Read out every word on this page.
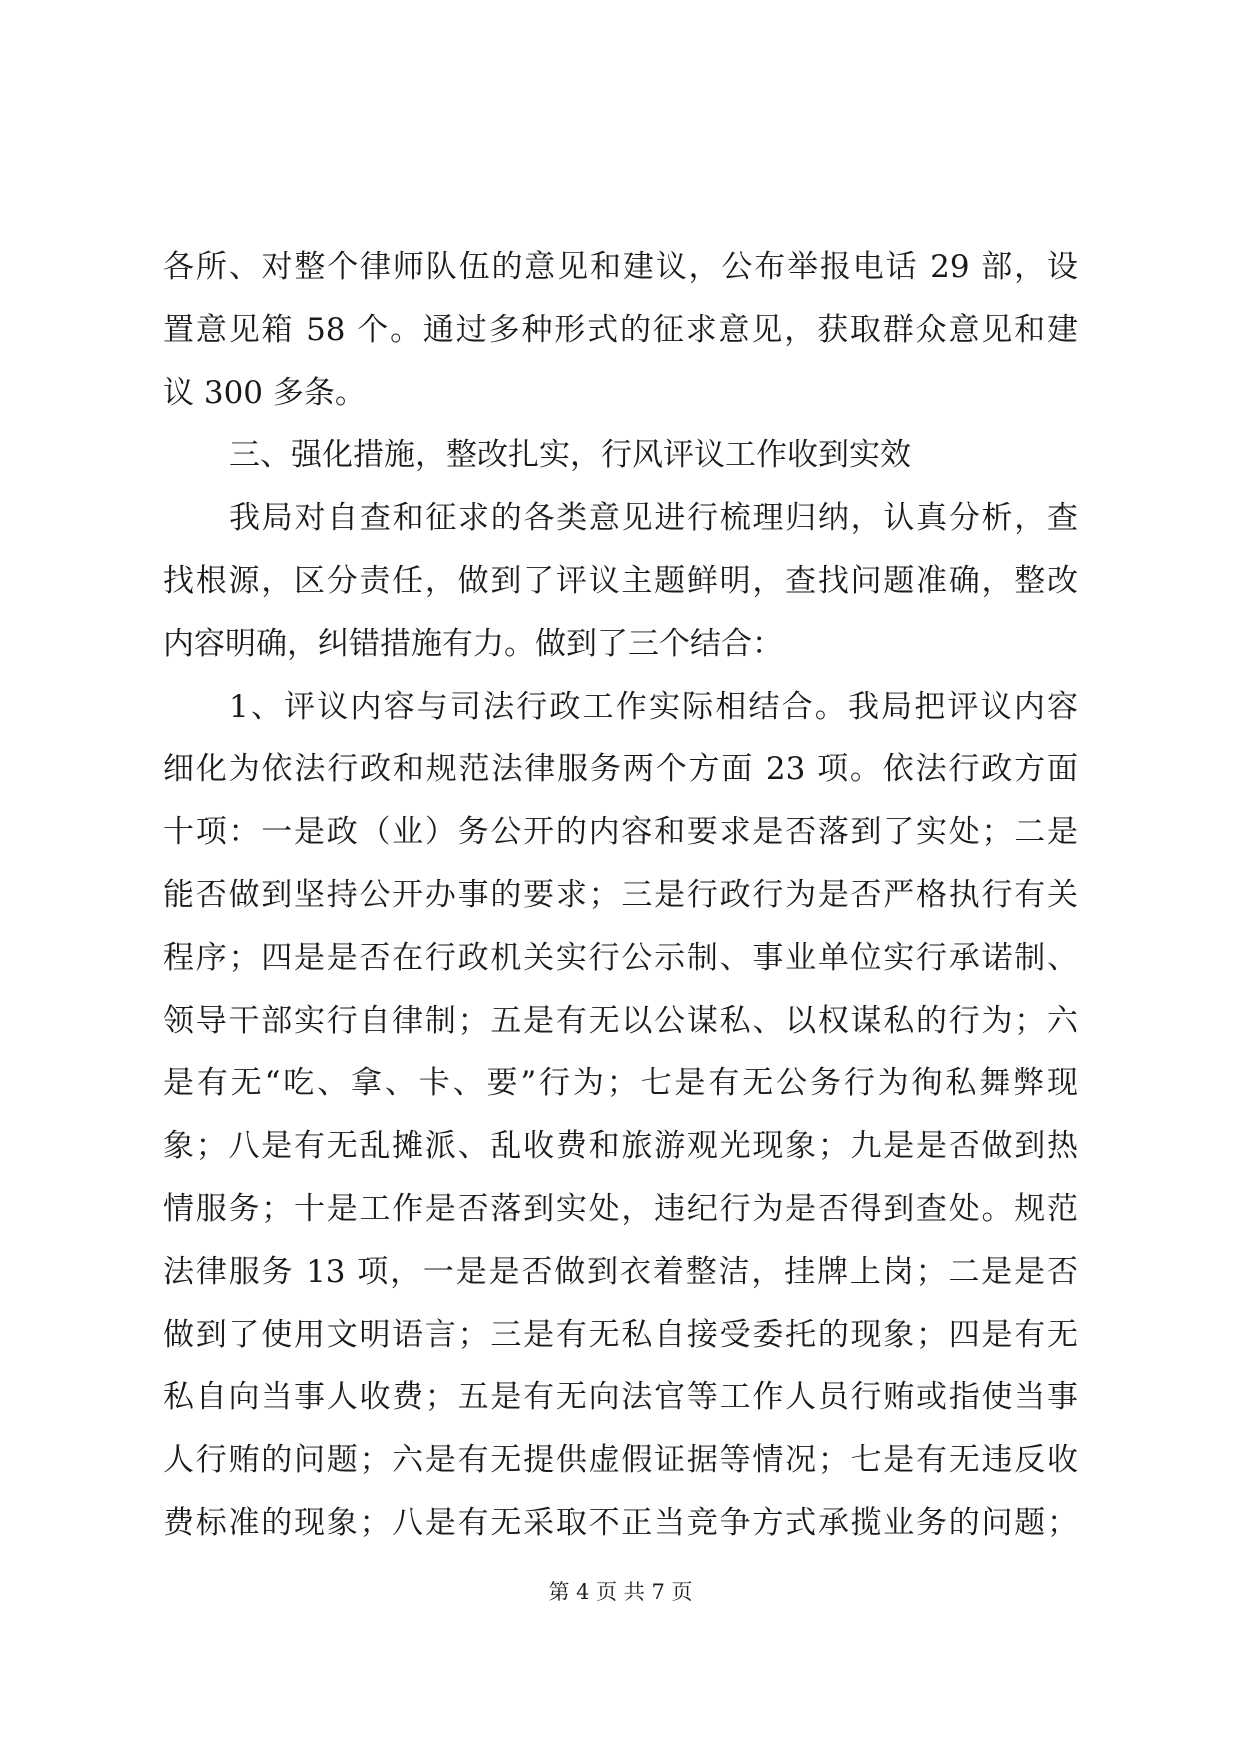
各所、对整个律师队伍的意见和建议，公布举报电话 29 部，设
置意见箱 58 个。通过多种形式的征求意见，获取群众意见和建
议 300 多条。
三、强化措施，整改扎实，行风评议工作收到实效
我局对自查和征求的各类意见进行梳理归纳，认真分析，查
找根源，区分责任，做到了评议主题鲜明，查找问题准确，整改
内容明确，纠错措施有力。做到了三个结合：
1、评议内容与司法行政工作实际相结合。我局把评议内容
细化为依法行政和规范法律服务两个方面 23 项。依法行政方面
十项：一是政（业）务公开的内容和要求是否落到了实处；二是
能否做到坚持公开办事的要求；三是行政行为是否严格执行有关
程序；四是是否在行政机关实行公示制、事业单位实行承诺制、
领导干部实行自律制；五是有无以公谋私、以权谋私的行为；六
是有无“吃、拿、卡、要”行为；七是有无公务行为徇私舞弊现
象；八是有无乱摊派、乱收费和旅游观光现象；九是是否做到热
情服务；十是工作是否落到实处，违纪行为是否得到查处。规范
法律服务 13 项，一是是否做到衣着整洁，挂牌上岗；二是是否
做到了使用文明语言；三是有无私自接受委托的现象；四是有无
私自向当事人收费；五是有无向法官等工作人员行贿或指使当事
人行贿的问题；六是有无提供虚假证据等情况；七是有无违反收
费标准的现象；八是有无采取不正当竞争方式承揽业务的问题；
第 4 页 共 7 页
